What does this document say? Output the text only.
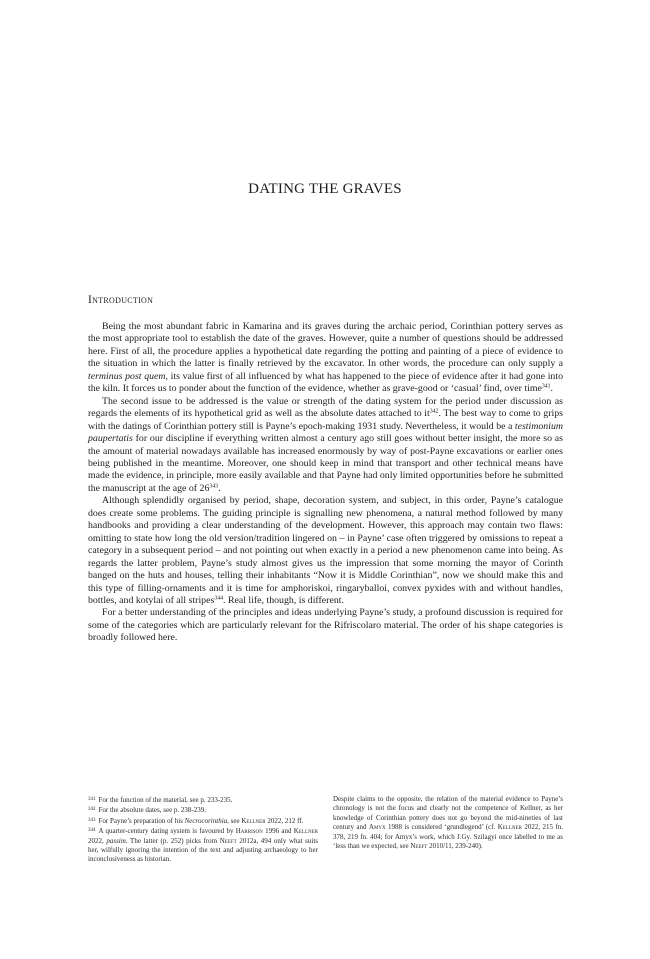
DATING THE GRAVES
Introduction

Being the most abundant fabric in Kamarina and its graves during the archaic period, Corinthian pottery serves as the most appropriate tool to establish the date of the graves. However, quite a number of questions should be addressed here. First of all, the procedure applies a hypothetical date regarding the potting and painting of a piece of evidence to the situation in which the latter is finally retrieved by the excavator. In other words, the procedure can only supply a terminus post quem, its value first of all influenced by what has happened to the piece of evidence after it had gone into the kiln. It forces us to ponder about the function of the evidence, whether as grave-good or ‘casual’ find, over time$^{341}$.

The second issue to be addressed is the value or strength of the dating system for the period under discussion as regards the elements of its hypothetical grid as well as the absolute dates attached to $it^{342}$. The best way to come to grips with the datings of Corinthian pottery still is Payne’s epoch-making 1931 study. Nevertheless, it would be a testimonium paupertatis for our discipline if everything written almost a century ago still goes without better insight, the more so as the amount of material nowadays available has increased enormously by way of post-Payne excavations or earlier ones being published in the meantime. Moreover, one should keep in mind that transport and other technical means have made the evidence, in principle, more easily available and that Payne had only limited opportunities before he submitted the manuscript at the age of $26^{343}$.

Although splendidly organised by period, shape, decoration system, and subject, in this order, Payne’s catalogue does create some problems. The guiding principle is signalling new phenomena, a natural method followed by many handbooks and providing a clear understanding of the development. However, this approach may contain two flaws: omitting to state how long the old version/tradition lingered on – in Payne’ case often triggered by omissions to repeat a category in a subsequent period – and not pointing out when exactly in a period a new phenomenon came into being. As regards the latter problem, Payne’s study almost gives us the impression that some morning the mayor of Corinth banged on the huts and houses, telling their inhabitants “Now it is Middle Corinthian”, now we should make this and this type of filling-ornaments and it is time for amphoriskoi, ringaryballoi, convex pyxides with and without handles, bottles, and kotylai of all stripes$^{344}$. Real life, though, is different.

For a better understanding of the principles and ideas underlying Payne’s study, a profound discussion is required for some of the categories which are particularly relevant for the Rifriscolaro material. The order of his shape categories is broadly followed here.

$^{341}$ For the function of the material, see p. 233-235.

$^{342}$ For the absolute dates, see p. 238-239.

$^{343}$ For Payne’s preparation of his Necrocorinthia, see Kellner 2022, 212 ff.

$^{344}$ A quarter-century dating system is favoured by Harrison 1996 and Kellner 2022, passim. The latter (p. 252) picks from Neeft 2012a, 494 only what suits her, wilfully ignoring the intention of the text and adjusting archaeology to her inconclusiveness as historian.

Despite claims to the opposite, the relation of the material evidence to Payne’s chronology is not the focus and clearly not the competence of Kellner, as her knowledge of Corinthian pottery does not go beyond the mid-nineties of last century and Amyx 1988 is considered ‘grundlegend’ (cf. Kellner 2022, 215 fn. 378, 219 fn. 404; for Amyx’s work, which J.Gy. Szilagyi once labelled to me as ‘less than we expected, see Neeft 2010/11, 239-240).
